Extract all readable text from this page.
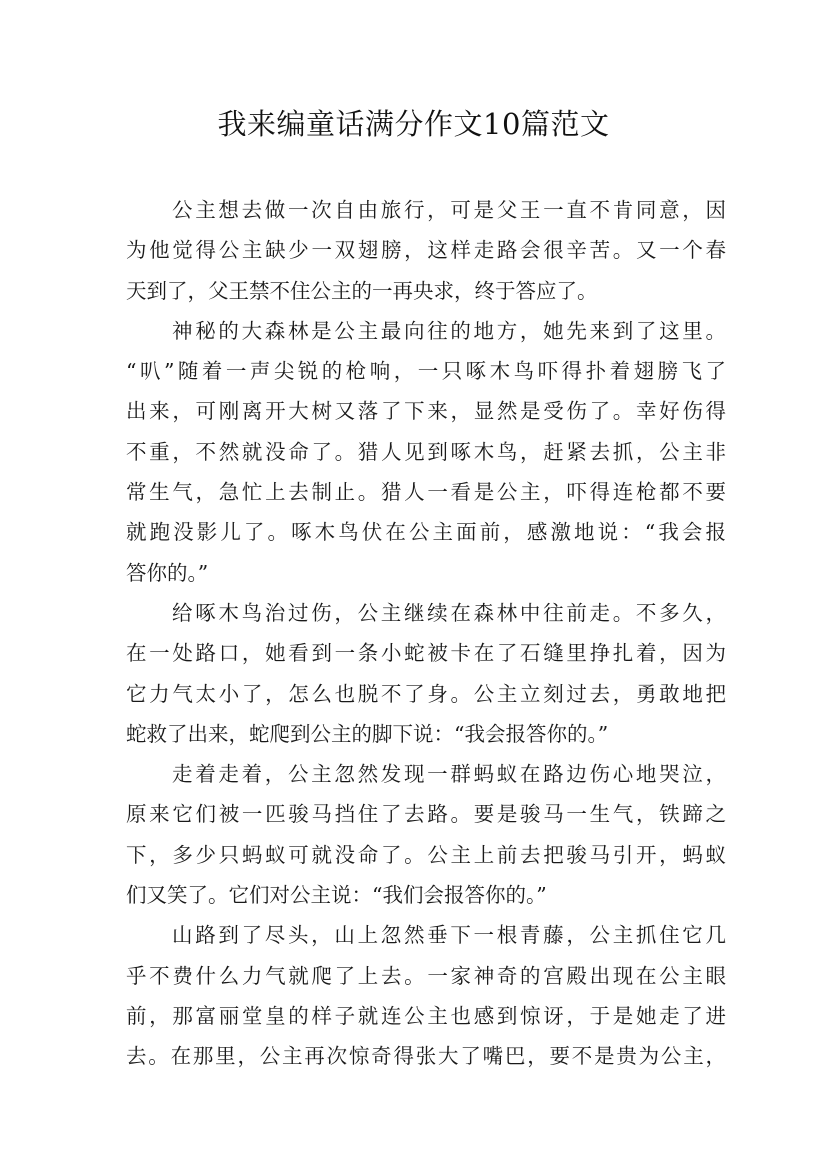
我来编童话满分作文10篇范文
公主想去做一次自由旅行，可是父王一直不肯同意，因
为他觉得公主缺少一双翅膀，这样走路会很辛苦。又一个春
天到了，父王禁不住公主的一再央求，终于答应了。
神秘的大森林是公主最向往的地方，她先来到了这里。
“叭”随着一声尖锐的枪响，一只啄木鸟吓得扑着翅膀飞了
出来，可刚离开大树又落了下来，显然是受伤了。幸好伤得
不重，不然就没命了。猎人见到啄木鸟，赶紧去抓，公主非
常生气，急忙上去制止。猎人一看是公主，吓得连枪都不要
就跑没影儿了。啄木鸟伏在公主面前，感激地说：“我会报
答你的。”
给啄木鸟治过伤，公主继续在森林中往前走。不多久，
在一处路口，她看到一条小蛇被卡在了石缝里挣扎着，因为
它力气太小了，怎么也脱不了身。公主立刻过去，勇敢地把
蛇救了出来，蛇爬到公主的脚下说：“我会报答你的。”
走着走着，公主忽然发现一群蚂蚁在路边伤心地哭泣，
原来它们被一匹骏马挡住了去路。要是骏马一生气，铁蹄之
下，多少只蚂蚁可就没命了。公主上前去把骏马引开，蚂蚁
们又笑了。它们对公主说：“我们会报答你的。”
山路到了尽头，山上忽然垂下一根青藤，公主抓住它几
乎不费什么力气就爬了上去。一家神奇的宫殿出现在公主眼
前，那富丽堂皇的样子就连公主也感到惊讶，于是她走了进
去。在那里，公主再次惊奇得张大了嘴巴，要不是贵为公主，
